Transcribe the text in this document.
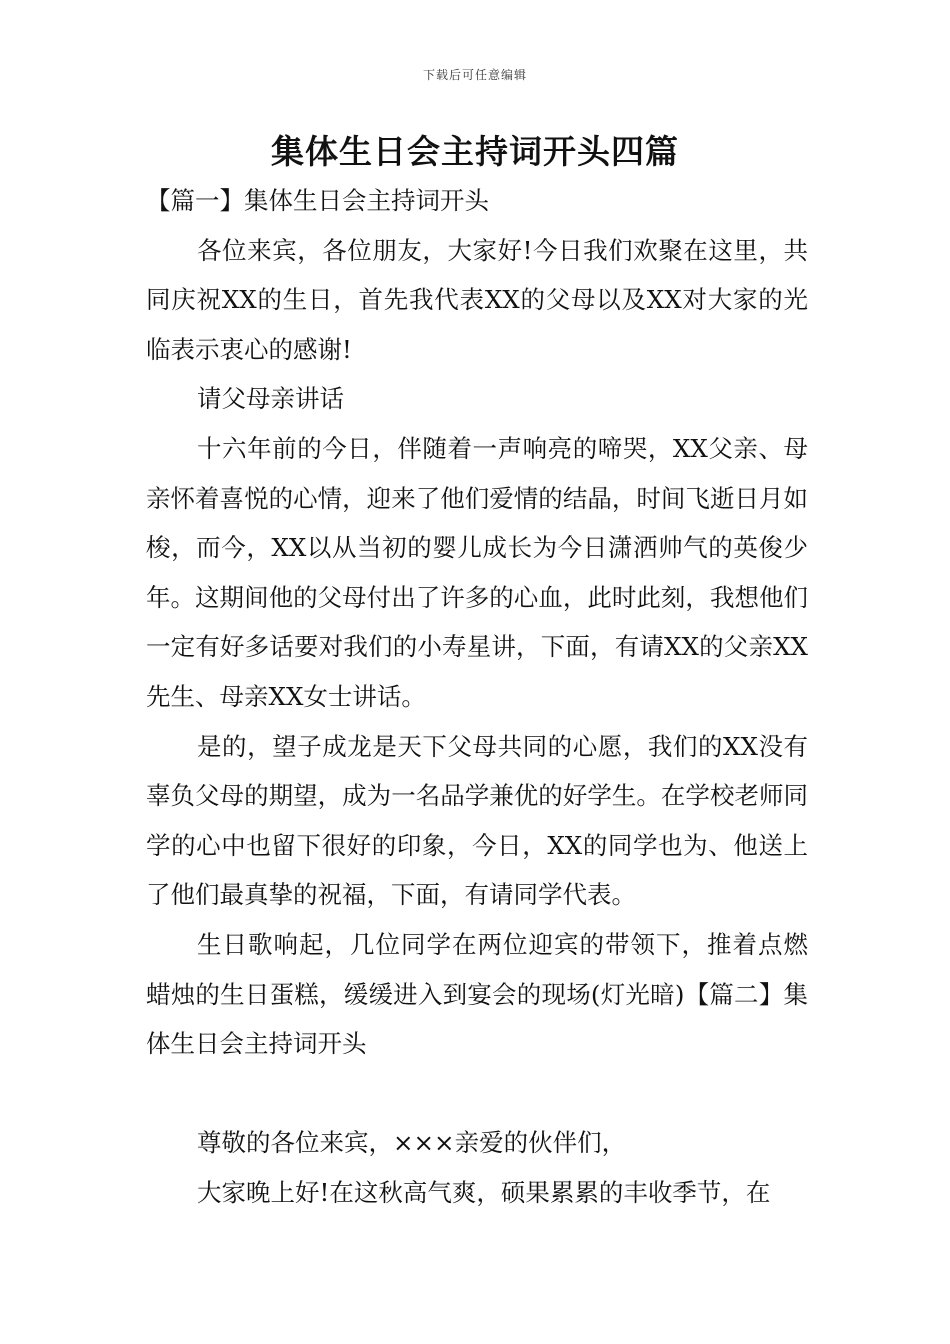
下载后可任意编辑
集体生日会主持词开头四篇

【篇一】集体生日会主持词开头

各位来宾，各位朋友，大家好!今日我们欢聚在这里，共同庆祝XX的生日，首先我代表XX的父母以及XX对大家的光临表示衷心的感谢!

请父母亲讲话

十六年前的今日，伴随着一声响亮的啼哭，XX父亲、母亲怀着喜悦的心情，迎来了他们爱情的结晶，时间飞逝日月如梭，而今，XX以从当初的婴儿成长为今日潇洒帅气的英俊少年。这期间他的父母付出了许多的心血，此时此刻，我想他们一定有好多话要对我们的小寿星讲，下面，有请XX的父亲XX先生、母亲XX女士讲话。

是的，望子成龙是天下父母共同的心愿，我们的XX没有辜负父母的期望，成为一名品学兼优的好学生。在学校老师同学的心中也留下很好的印象，今日，XX的同学也为、他送上了他们最真挚的祝福，下面，有请同学代表。

生日歌响起，几位同学在两位迎宾的带领下，推着点燃蜡烛的生日蛋糕，缓缓进入到宴会的现场(灯光暗)【篇二】集体生日会主持词开头

尊敬的各位来宾，×××亲爱的伙伴们，

大家晚上好!在这秋高气爽，硕果累累的丰收季节，在
